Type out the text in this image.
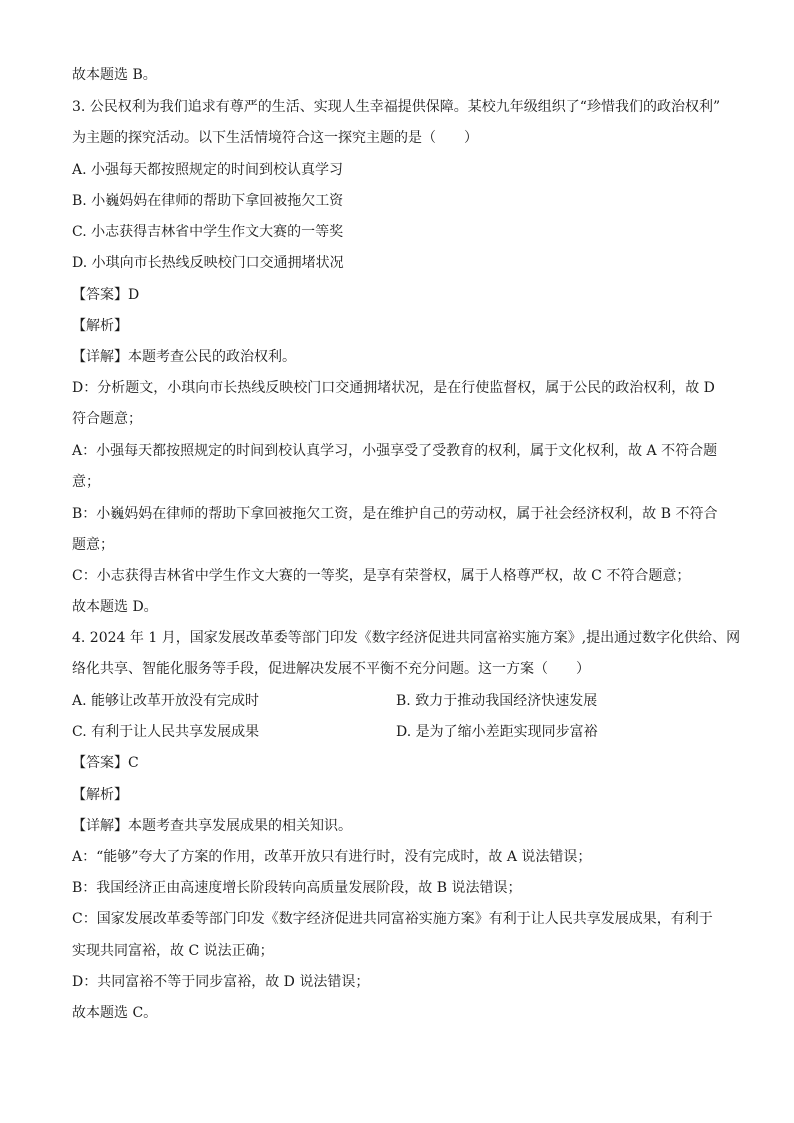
故本题选 B。
3. 公民权利为我们追求有尊严的生活、实现人生幸福提供保障。某校九年级组织了“珍惜我们的政治权利”
为主题的探究活动。以下生活情境符合这一探究主题的是（　　）
A. 小强每天都按照规定的时间到校认真学习
B. 小巍妈妈在律师的帮助下拿回被拖欠工资
C. 小志获得吉林省中学生作文大赛的一等奖
D. 小琪向市长热线反映校门口交通拥堵状况
【答案】D
【解析】
【详解】本题考查公民的政治权利。
D：分析题文，小琪向市长热线反映校门口交通拥堵状况，是在行使监督权，属于公民的政治权利，故 D
符合题意；
A：小强每天都按照规定的时间到校认真学习，小强享受了受教育的权利，属于文化权利，故 A 不符合题
意；
B：小巍妈妈在律师的帮助下拿回被拖欠工资，是在维护自己的劳动权，属于社会经济权利，故 B 不符合
题意；
C：小志获得吉林省中学生作文大赛的一等奖，是享有荣誉权，属于人格尊严权，故 C 不符合题意；
故本题选 D。
4. 2024 年 1 月，国家发展改革委等部门印发《数字经济促进共同富裕实施方案》,提出通过数字化供给、网
络化共享、智能化服务等手段，促进解决发展不平衡不充分问题。这一方案（　　）
A. 能够让改革开放没有完成时	B. 致力于推动我国经济快速发展
C. 有利于让人民共享发展成果	D. 是为了缩小差距实现同步富裕
【答案】C
【解析】
【详解】本题考查共享发展成果的相关知识。
A：“能够”夸大了方案的作用，改革开放只有进行时，没有完成时，故 A 说法错误；
B：我国经济正由高速度增长阶段转向高质量发展阶段，故 B 说法错误；
C：国家发展改革委等部门印发《数字经济促进共同富裕实施方案》有利于让人民共享发展成果，有利于
实现共同富裕，故 C 说法正确；
D：共同富裕不等于同步富裕，故 D 说法错误；
故本题选 C。
